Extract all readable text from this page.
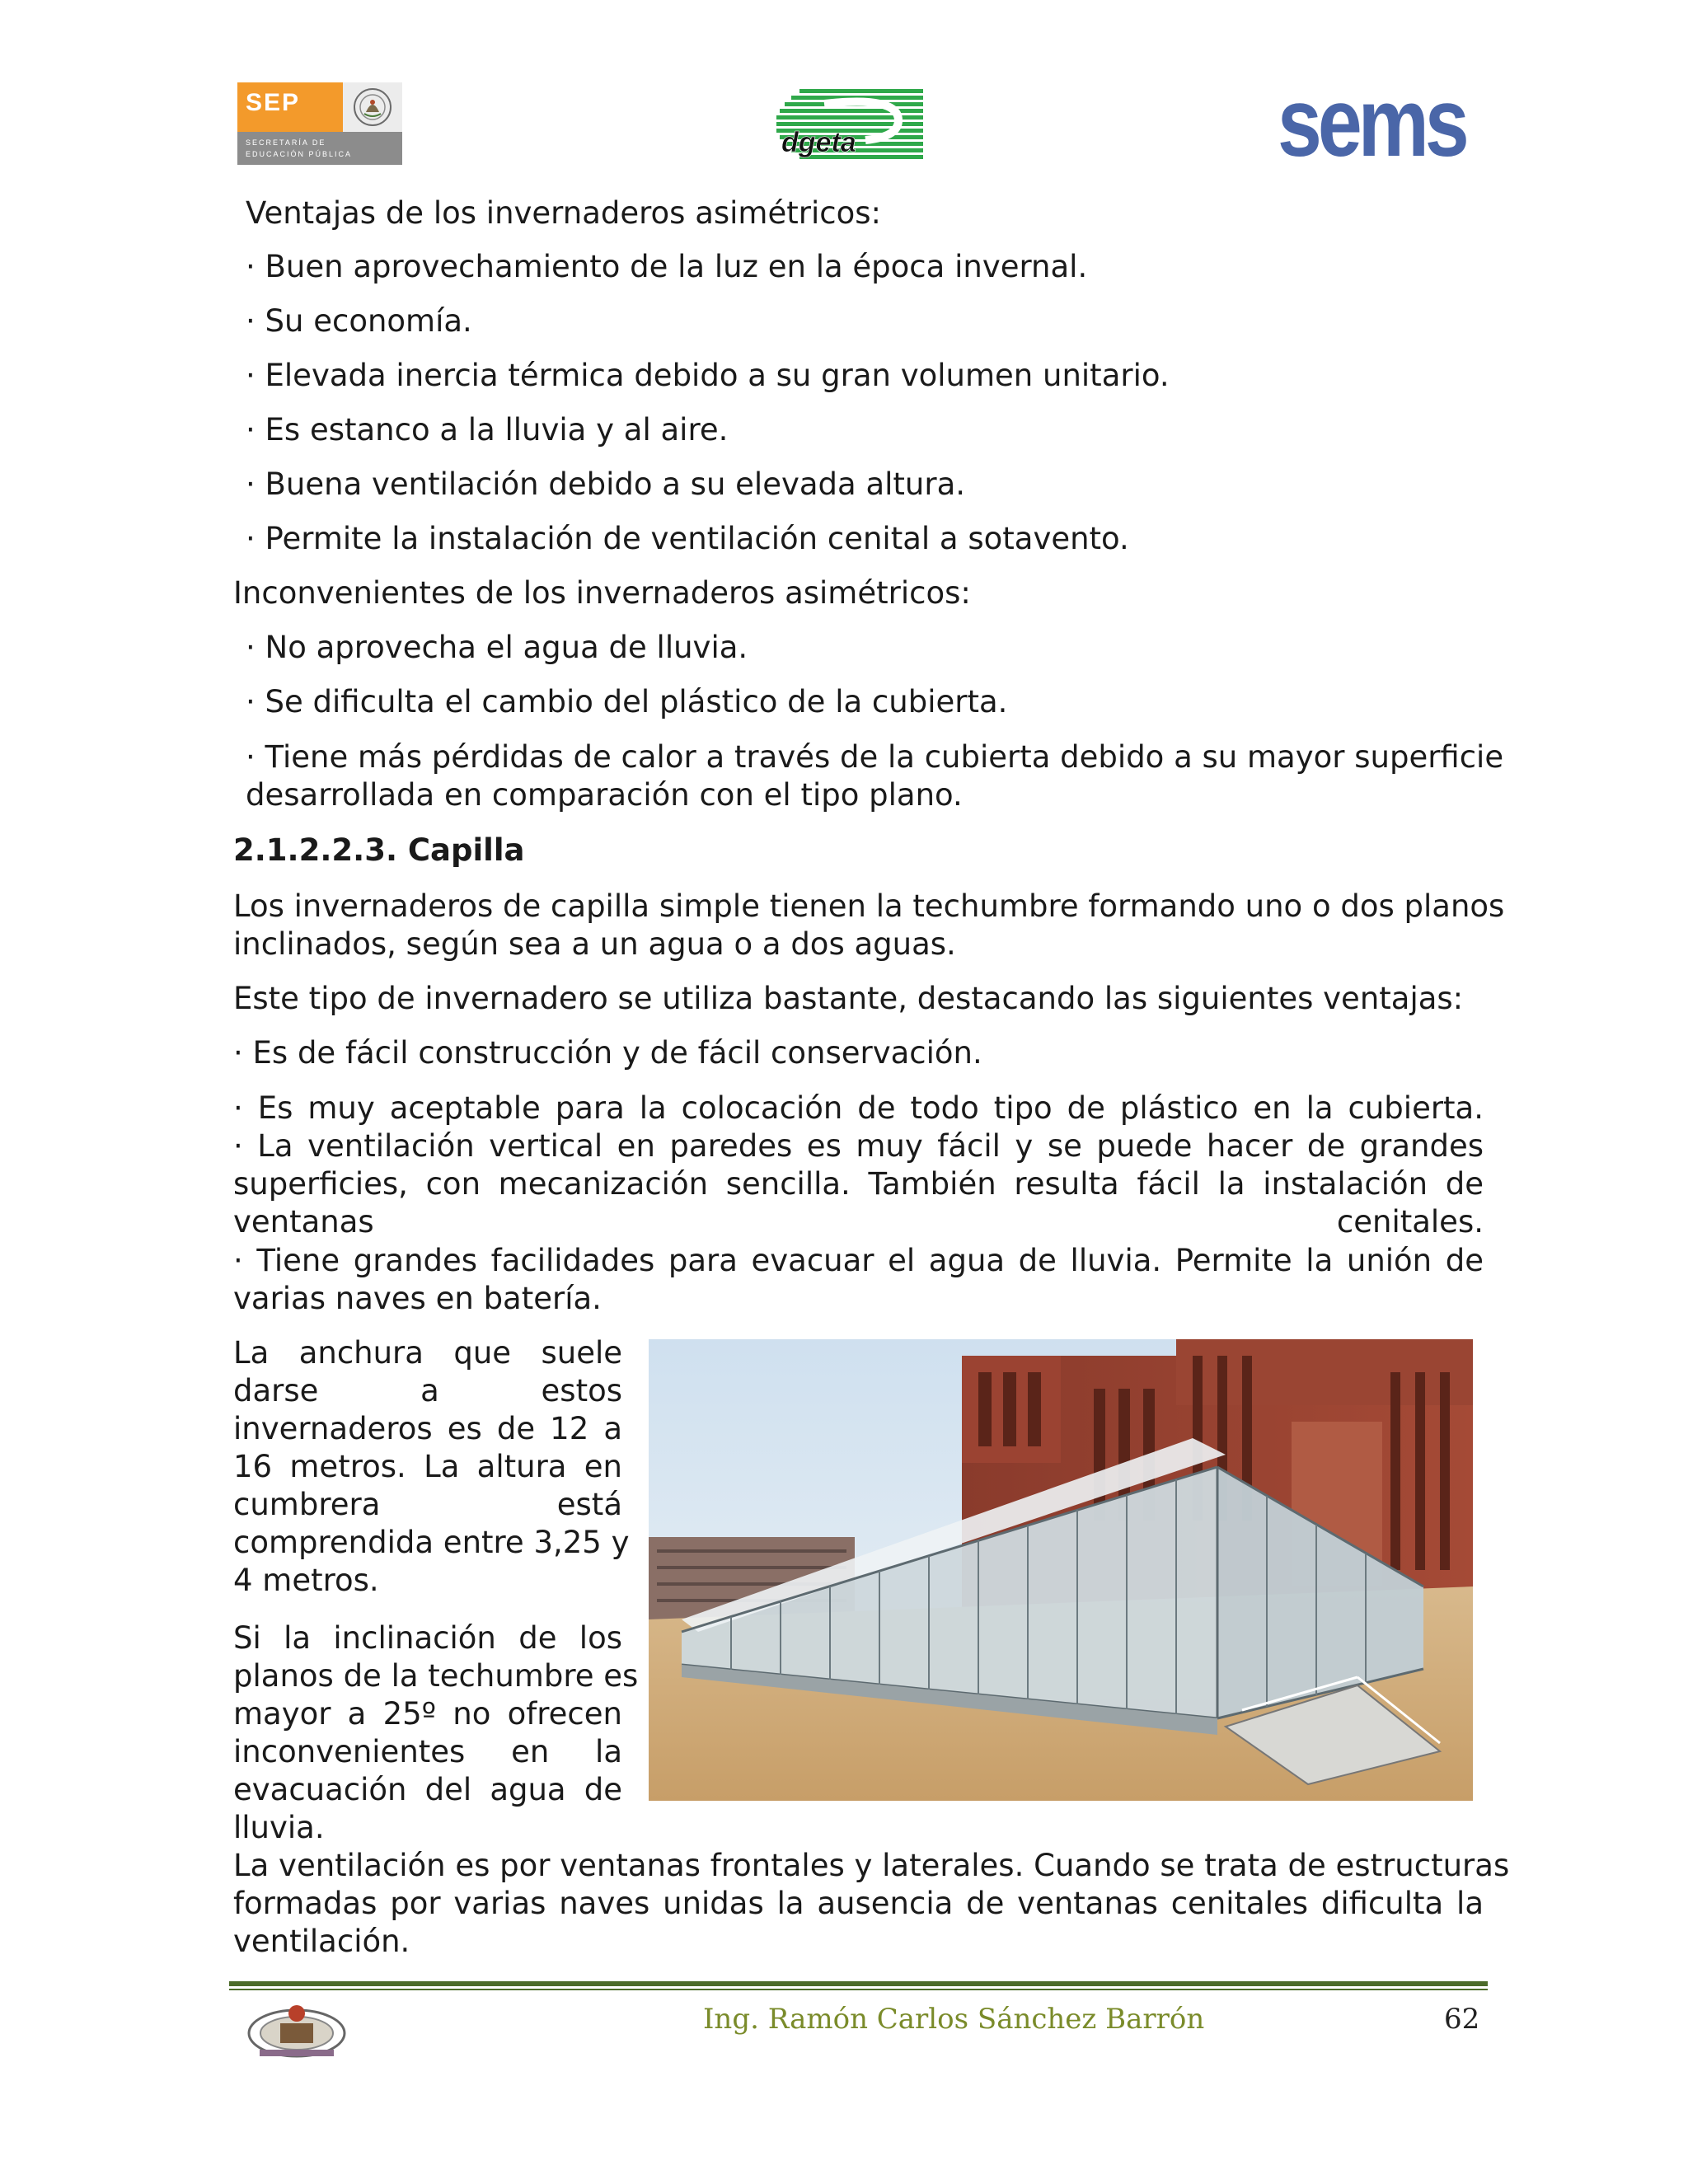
SEP
SECRETARÍA DE
EDUCACIÓN PÚBLICA	dgeta	sems

Ventajas de los invernaderos asimétricos:

· Buen aprovechamiento de la luz en la época invernal.

· Su economía.

· Elevada inercia térmica debido a su gran volumen unitario.

· Es estanco a la lluvia y al aire.

· Buena ventilación debido a su elevada altura.

· Permite la instalación de ventilación cenital a sotavento.

Inconvenientes de los invernaderos asimétricos:

· No aprovecha el agua de lluvia.

· Se dificulta el cambio del plástico de la cubierta.

· Tiene más pérdidas de calor a través de la cubierta debido a su mayor superficie

desarrollada en comparación con el tipo plano.

2.1.2.2.3. Capilla

Los invernaderos de capilla simple tienen la techumbre formando uno o dos planos

inclinados, según sea a un agua o a dos aguas.

Este tipo de invernadero se utiliza bastante, destacando las siguientes ventajas:

· Es de fácil construcción y de fácil conservación.

· Es muy aceptable para la colocación de todo tipo de plástico en la cubierta.

· La ventilación vertical en paredes es muy fácil y se puede hacer de grandes

superficies, con mecanización sencilla. También resulta fácil la instalación de

ventanas cenitales.

· Tiene grandes facilidades para evacuar el agua de lluvia. Permite la unión de

varias naves en batería.

La anchura que suele

darse a estos

invernaderos es de 12 a

16 metros. La altura en

cumbrera está

comprendida entre 3,25 y

4 metros.

Si la inclinación de los

planos de la techumbre es

mayor a 25º no ofrecen

inconvenientes en la

evacuación del agua de

lluvia.

La ventilación es por ventanas frontales y laterales. Cuando se trata de estructuras

formadas por varias naves unidas la ausencia de ventanas cenitales dificulta la

ventilación.

Ing. Ramón Carlos Sánchez Barrón	62
